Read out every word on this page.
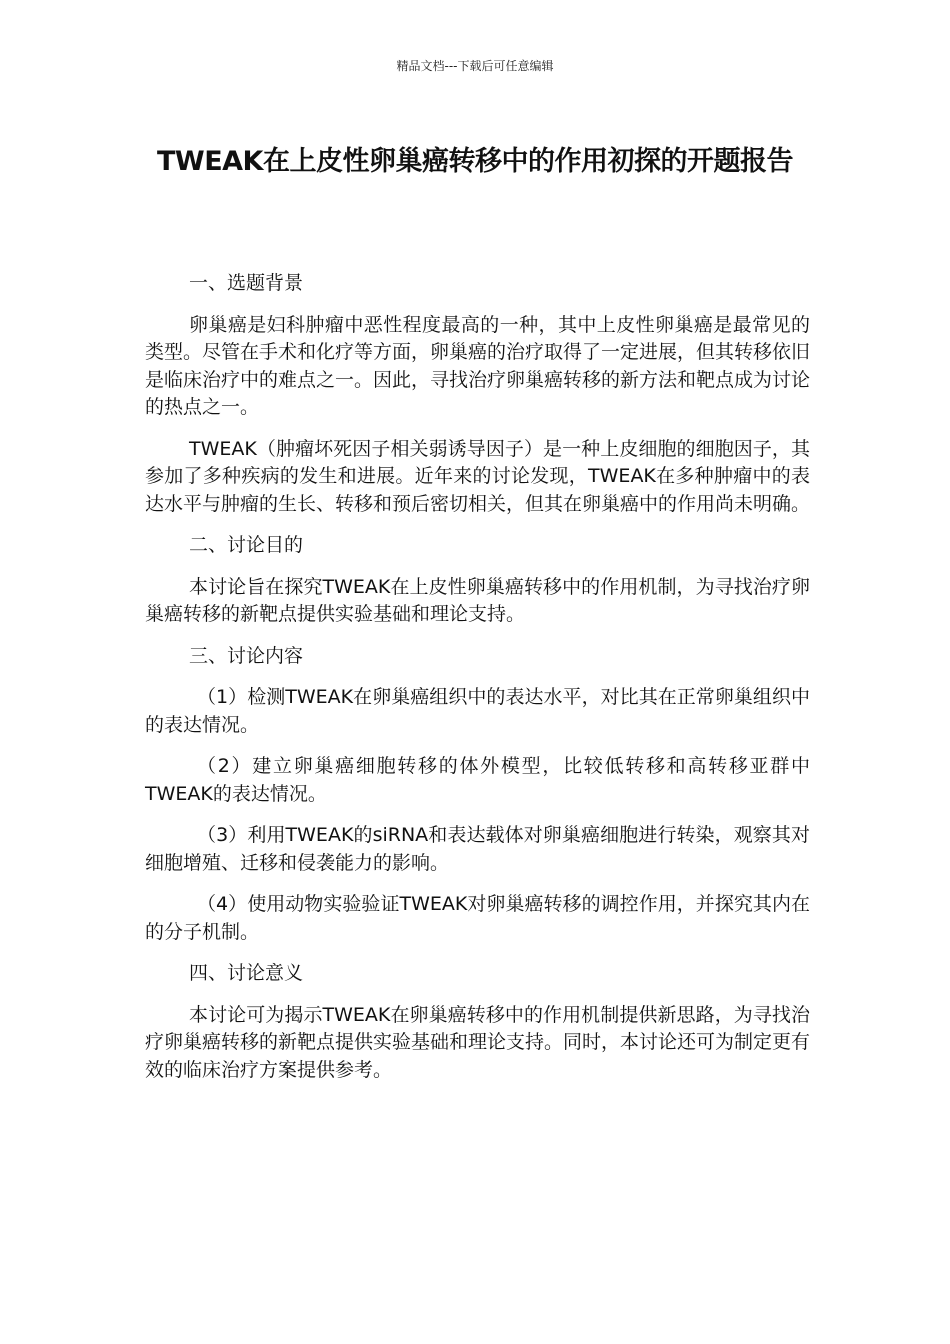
精品文档---下载后可任意编辑
TWEAK在上皮性卵巢癌转移中的作用初探的开题报告

一、选题背景

卵巢癌是妇科肿瘤中恶性程度最高的一种，其中上皮性卵巢癌是最常见的类型。尽管在手术和化疗等方面，卵巢癌的治疗取得了一定进展，但其转移依旧是临床治疗中的难点之一。因此，寻找治疗卵巢癌转移的新方法和靶点成为讨论的热点之一。

TWEAK（肿瘤坏死因子相关弱诱导因子）是一种上皮细胞的细胞因子，其参加了多种疾病的发生和进展。近年来的讨论发现，TWEAK在多种肿瘤中的表达水平与肿瘤的生长、转移和预后密切相关，但其在卵巢癌中的作用尚未明确。

二、讨论目的

本讨论旨在探究TWEAK在上皮性卵巢癌转移中的作用机制，为寻找治疗卵巢癌转移的新靶点提供实验基础和理论支持。

三、讨论内容

（1）检测TWEAK在卵巢癌组织中的表达水平，对比其在正常卵巢组织中的表达情况。

（2）建立卵巢癌细胞转移的体外模型，比较低转移和高转移亚群中TWEAK的表达情况。

（3）利用TWEAK的siRNA和表达载体对卵巢癌细胞进行转染，观察其对细胞增殖、迁移和侵袭能力的影响。

（4）使用动物实验验证TWEAK对卵巢癌转移的调控作用，并探究其内在的分子机制。

四、讨论意义

本讨论可为揭示TWEAK在卵巢癌转移中的作用机制提供新思路，为寻找治疗卵巢癌转移的新靶点提供实验基础和理论支持。同时，本讨论还可为制定更有效的临床治疗方案提供参考。
